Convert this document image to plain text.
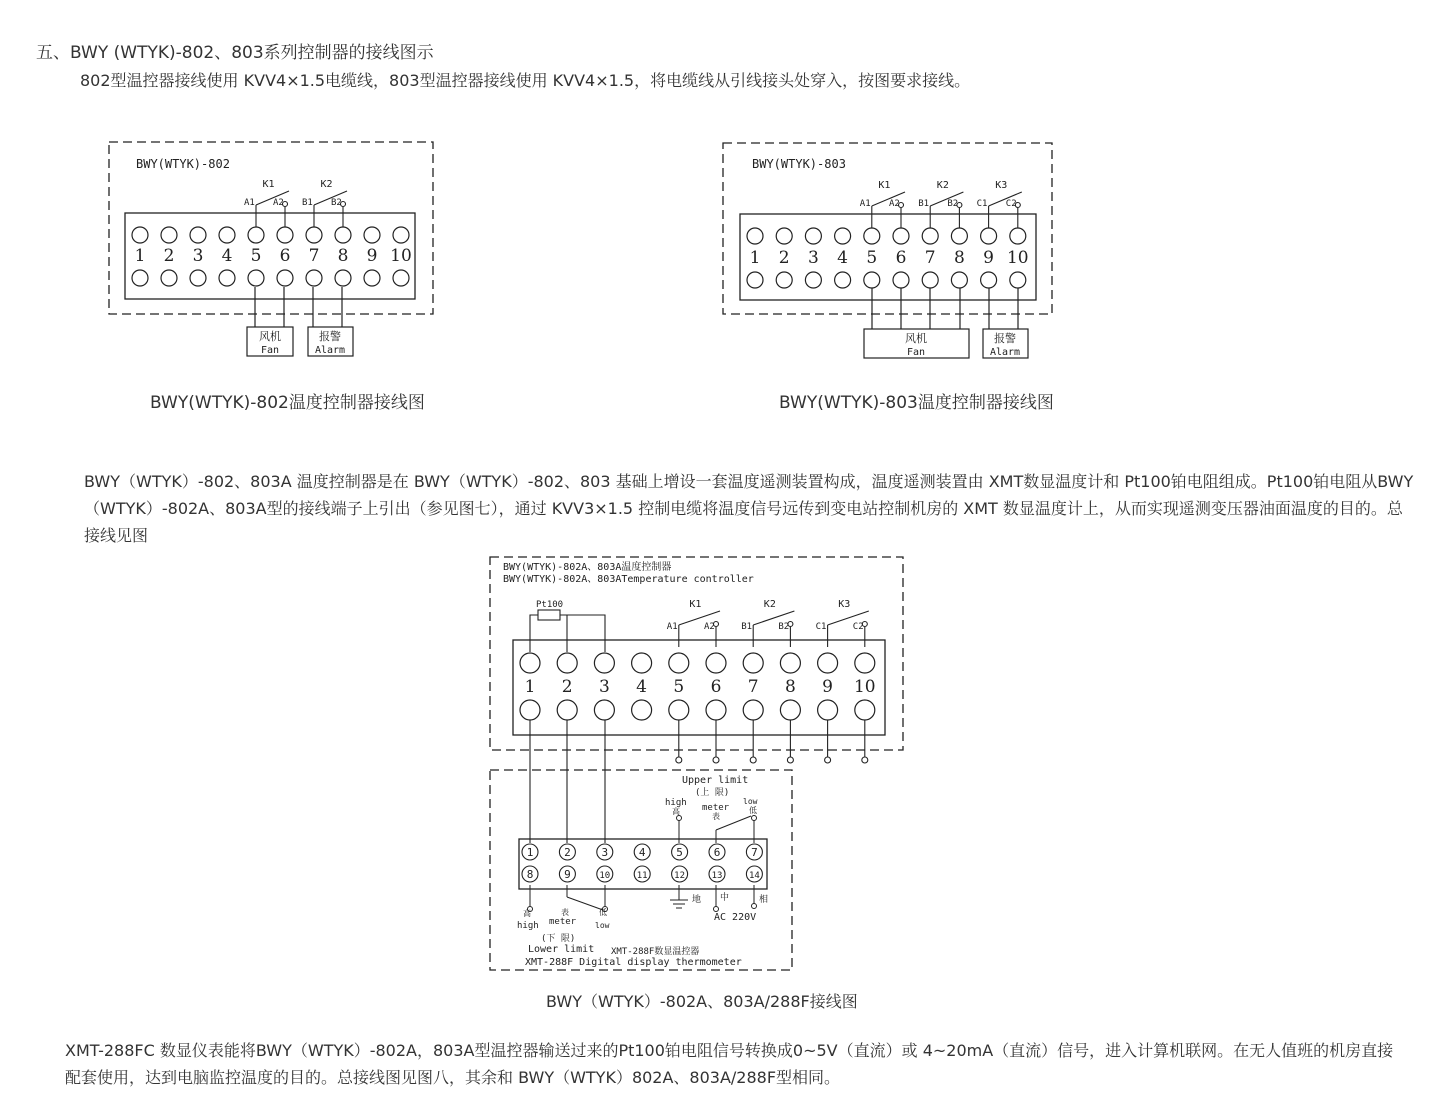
五、BWY (WTYK)-802、803系列控制器的接线图示
802型温控器接线使用 KVV4×1.5电缆线，803型温控器接线使用 KVV4×1.5，将电缆线从引线接头处穿入，按图要求接线。
BWY(WTYK)-802
1 2 3 4 5 6 7 8 9 10
风机
Fan
报警
Alarm
K1
A1 A2
K2
B1 B2
BWY(WTYK)-802温度控制器接线图
BWY(WTYK)-803
1 2 3 4 5 6 7 8 9 10
风机
Fan
报警
Alarm
K1
A1 A2
K2
B1 B2
K3
C1 C2
BWY(WTYK)-803温度控制器接线图
BWY（WTYK）-802、803A 温度控制器是在 BWY（WTYK）-802、803 基础上增设一套温度遥测装置构成，温度遥测装置由 XMT数显温度计和 Pt100铂电阻组成。Pt100铂电阻从BWY（WTYK）-802A、803A型的接线端子上引出（参见图七），通过 KVV3×1.5 控制电缆将温度信号远传到变电站控制机房的 XMT 数显温度计上，从而实现遥测变压器油面温度的目的。总接线见图
BWY(WTYK)-802A、803A温度控制器
BWY(WTYK)-802A、803ATemperature controller
Pt100
1 2 3 4 5 6 7 8 9 10
K1
A1	A2
K2
B1	B2
K3
C1	C2
1	2	3	4	5	6	7
8	9	10	11	12	13	14
Upper limit
(上 限)
high
高 meter
表
low
低
地 中	相
AC 220V
高
high
表
meter
低
low
(下 限)
Lower limit XMT-288F数显温控器
XMT-288F Digital display thermometer
BWY（WTYK）-802A、803A/288F接线图
XMT-288FC 数显仪表能将BWY（WTYK）-802A，803A型温控器输送过来的Pt100铂电阻信号转换成0~5V（直流）或 4~20mA（直流）信号，进入计算机联网。在无人值班的机房直接配套使用，达到电脑监控温度的目的。总接线图见图八，其余和 BWY（WTYK）802A、803A/288F型相同。
